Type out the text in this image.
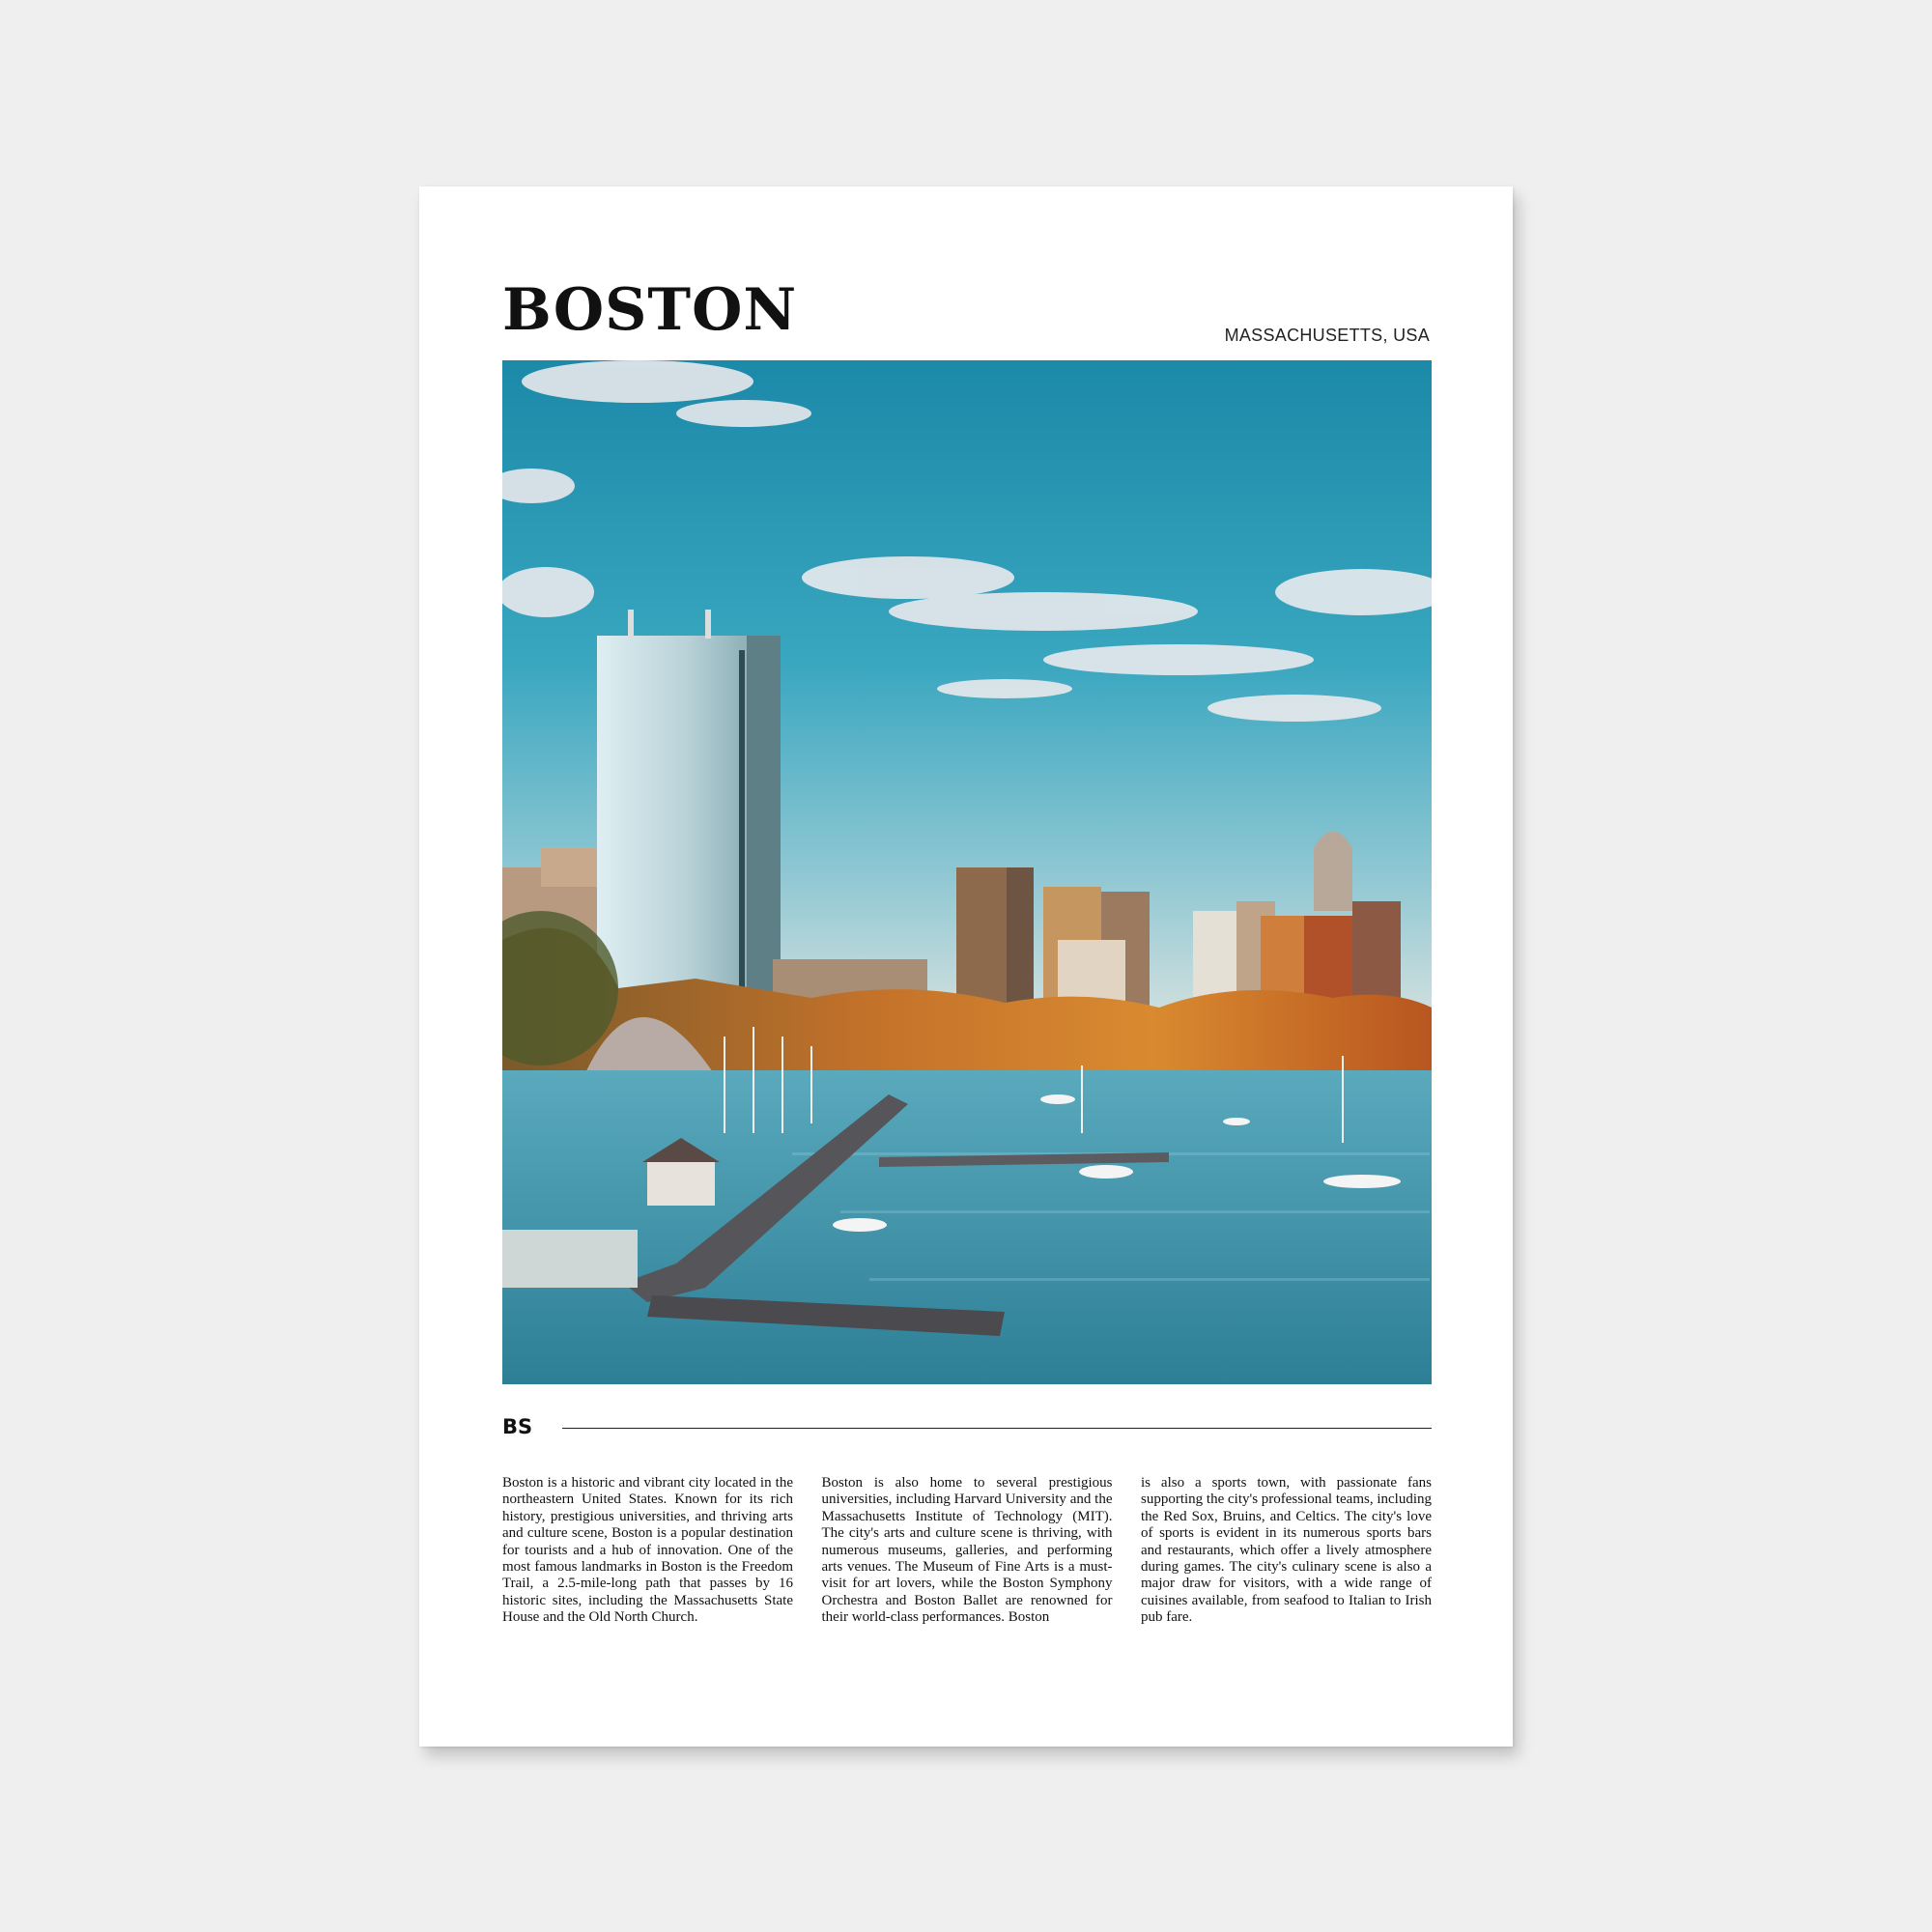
BOSTON	MASSACHUSETTS, USA
BS
Boston is a historic and vibrant city located in the northeastern United States. Known for its rich history, prestigious universities, and thriving arts and culture scene, Boston is a popular destination for tourists and a hub of innovation. One of the most famous landmarks in Boston is the Freedom Trail, a 2.5-mile-long path that passes by 16 historic sites, including the Massachusetts State House and the Old North Church.
Boston is also home to several prestigious universities, including Harvard University and the Massachusetts Institute of Technology (MIT). The city's arts and culture scene is thriving, with numerous museums, galleries, and performing arts venues. The Museum of Fine Arts is a must-visit for art lovers, while the Boston Symphony Orchestra and Boston Ballet are renowned for their world-class performances. Boston
is also a sports town, with passionate fans supporting the city's professional teams, including the Red Sox, Bruins, and Celtics. The city's love of sports is evident in its numerous sports bars and restaurants, which offer a lively atmosphere during games. The city's culinary scene is also a major draw for visitors, with a wide range of cuisines available, from seafood to Italian to Irish pub fare.
